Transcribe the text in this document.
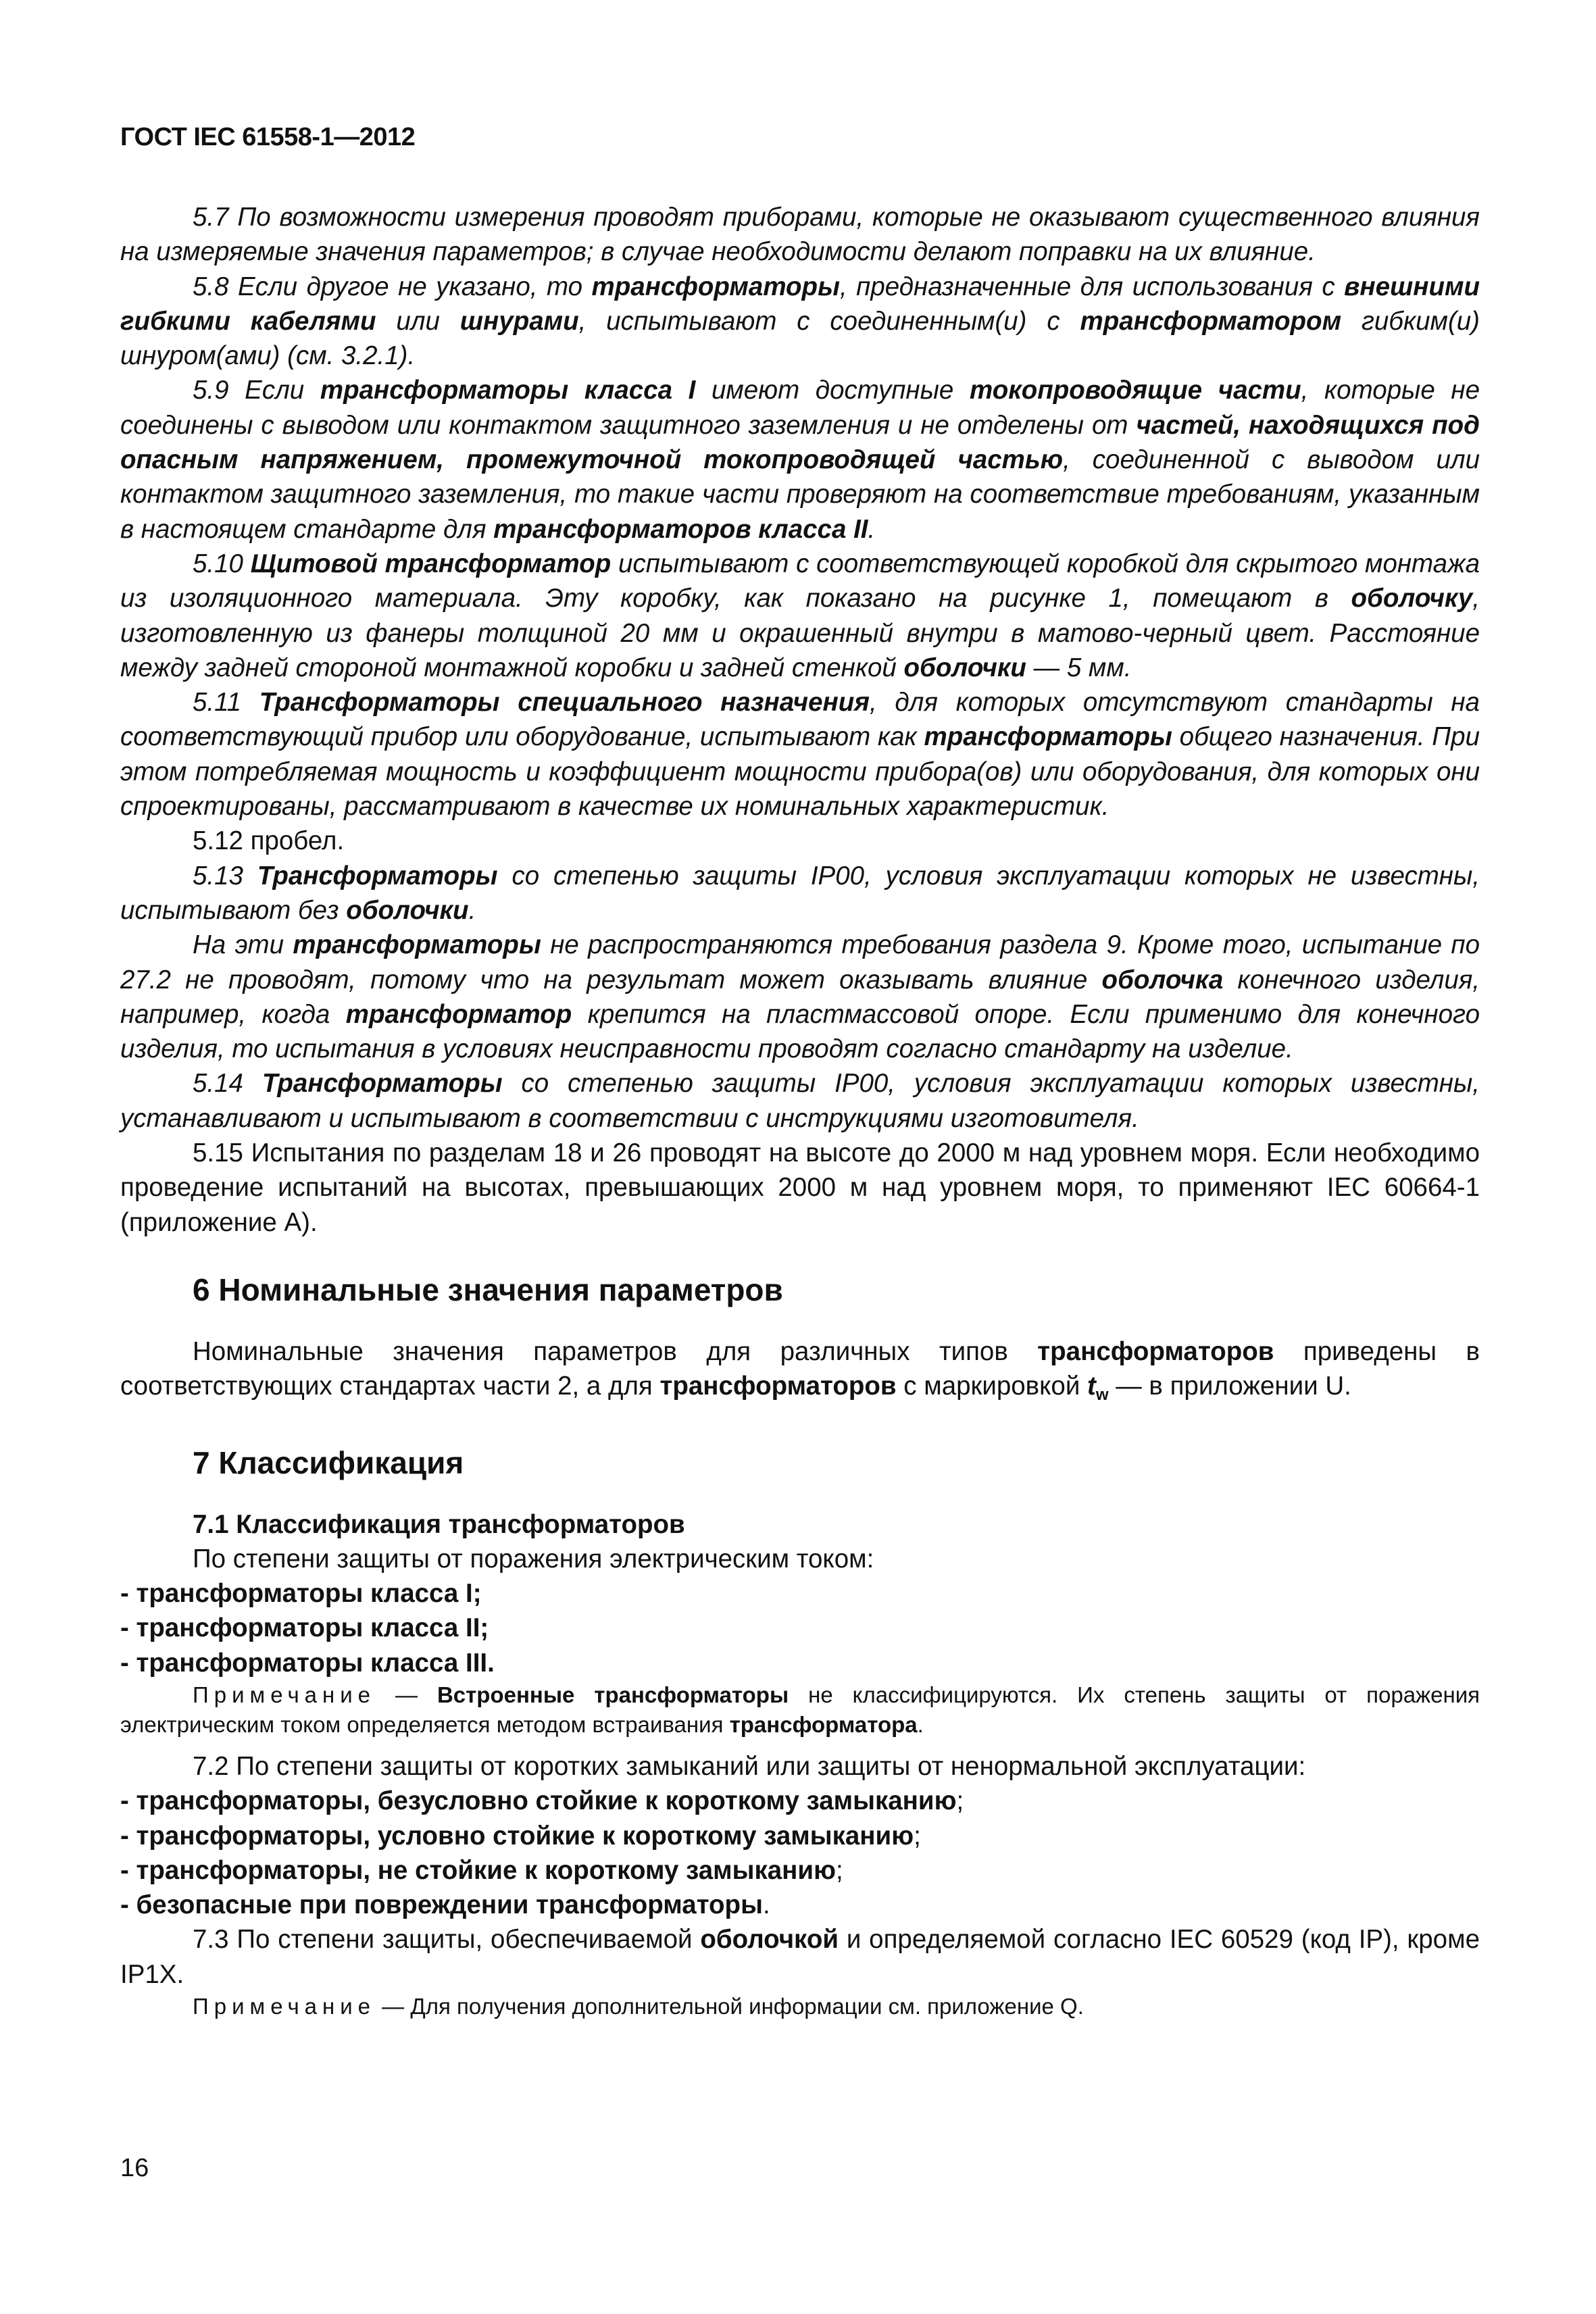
ГОСТ IEC 61558-1—2012

5.7 По возможности измерения проводят приборами, которые не оказывают существенного влияния на измеряемые значения параметров; в случае необходимости делают поправки на их влияние.

5.8 Если другое не указано, то трансформаторы, предназначенные для использования с внешними гибкими кабелями или шнурами, испытывают с соединенным(и) с трансформатором гибким(и) шнуром(ами) (см. 3.2.1).

5.9 Если трансформаторы класса I имеют доступные токопроводящие части, которые не соединены с выводом или контактом защитного заземления и не отделены от частей, находящихся под опасным напряжением, промежуточной токопроводящей частью, соединенной с выводом или контактом защитного заземления, то такие части проверяют на соответствие требованиям, указанным в настоящем стандарте для трансформаторов класса II.

5.10 Щитовой трансформатор испытывают с соответствующей коробкой для скрытого монтажа из изоляционного материала. Эту коробку, как показано на рисунке 1, помещают в оболочку, изготовленную из фанеры толщиной 20 мм и окрашенный внутри в матово-черный цвет. Расстояние между задней стороной монтажной коробки и задней стенкой оболочки — 5 мм.

5.11 Трансформаторы специального назначения, для которых отсутствуют стандарты на соответствующий прибор или оборудование, испытывают как трансформаторы общего назначения. При этом потребляемая мощность и коэффициент мощности прибора(ов) или оборудования, для которых они спроектированы, рассматривают в качестве их номинальных характеристик.

5.12 пробел.

5.13 Трансформаторы со степенью защиты IP00, условия эксплуатации которых не известны, испытывают без оболочки.

На эти трансформаторы не распространяются требования раздела 9. Кроме того, испытание по 27.2 не проводят, потому что на результат может оказывать влияние оболочка конечного изделия, например, когда трансформатор крепится на пластмассовой опоре. Если применимо для конечного изделия, то испытания в условиях неисправности проводят согласно стандарту на изделие.

5.14 Трансформаторы со степенью защиты IP00, условия эксплуатации которых известны, устанавливают и испытывают в соответствии с инструкциями изготовителя.

5.15 Испытания по разделам 18 и 26 проводят на высоте до 2000 м над уровнем моря. Если необходимо проведение испытаний на высотах, превышающих 2000 м над уровнем моря, то применяют IEC 60664-1 (приложение A).

6 Номинальные значения параметров

Номинальные значения параметров для различных типов трансформаторов приведены в соответствующих стандартах части 2, а для трансформаторов с маркировкой $t_w$ — в приложении U.

7 Классификация
7.1 Классификация трансформаторов

По степени защиты от поражения электрическим током:

- трансформаторы класса I;

- трансформаторы класса II;

- трансформаторы класса III.

Примечание — Встроенные трансформаторы не классифицируются. Их степень защиты от поражения электрическим током определяется методом встраивания трансформатора.

7.2 По степени защиты от коротких замыканий или защиты от ненормальной эксплуатации:

- трансформаторы, безусловно стойкие к короткому замыканию;

- трансформаторы, условно стойкие к короткому замыканию;

- трансформаторы, не стойкие к короткому замыканию;

- безопасные при повреждении трансформаторы.

7.3 По степени защиты, обеспечиваемой оболочкой и определяемой согласно IEC 60529 (код IP), кроме IP1X.

Примечание — Для получения дополнительной информации см. приложение Q.

16
